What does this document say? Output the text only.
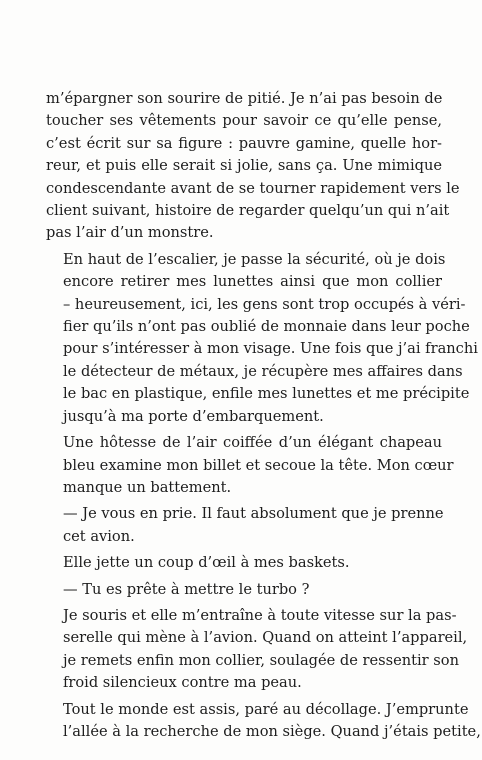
m’épargner son sourire de pitié. Je n’ai pas besoin de
toucher ses vêtements pour savoir ce qu’elle pense,
c’est écrit sur sa figure : pauvre gamine, quelle hor-
reur, et puis elle serait si jolie, sans ça. Une mimique
condescendante avant de se tourner rapidement vers le
client suivant, histoire de regarder quelqu’un qui n’ait
pas l’air d’un monstre.
En haut de l’escalier, je passe la sécurité, où je dois
encore retirer mes lunettes ainsi que mon collier
– heureusement, ici, les gens sont trop occupés à véri-
fier qu’ils n’ont pas oublié de monnaie dans leur poche
pour s’intéresser à mon visage. Une fois que j’ai franchi
le détecteur de métaux, je récupère mes affaires dans
le bac en plastique, enfile mes lunettes et me précipite
jusqu’à ma porte d’embarquement.
Une hôtesse de l’air coiffée d’un élégant chapeau
bleu examine mon billet et secoue la tête. Mon cœur
manque un battement.
— Je vous en prie. Il faut absolument que je prenne
cet avion.
Elle jette un coup d’œil à mes baskets.
— Tu es prête à mettre le turbo ?
Je souris et elle m’entraîne à toute vitesse sur la pas-
serelle qui mène à l’avion. Quand on atteint l’appareil,
je remets enfin mon collier, soulagée de ressentir son
froid silencieux contre ma peau.
Tout le monde est assis, paré au décollage. J’emprunte
l’allée à la recherche de mon siège. Quand j’étais petite,
